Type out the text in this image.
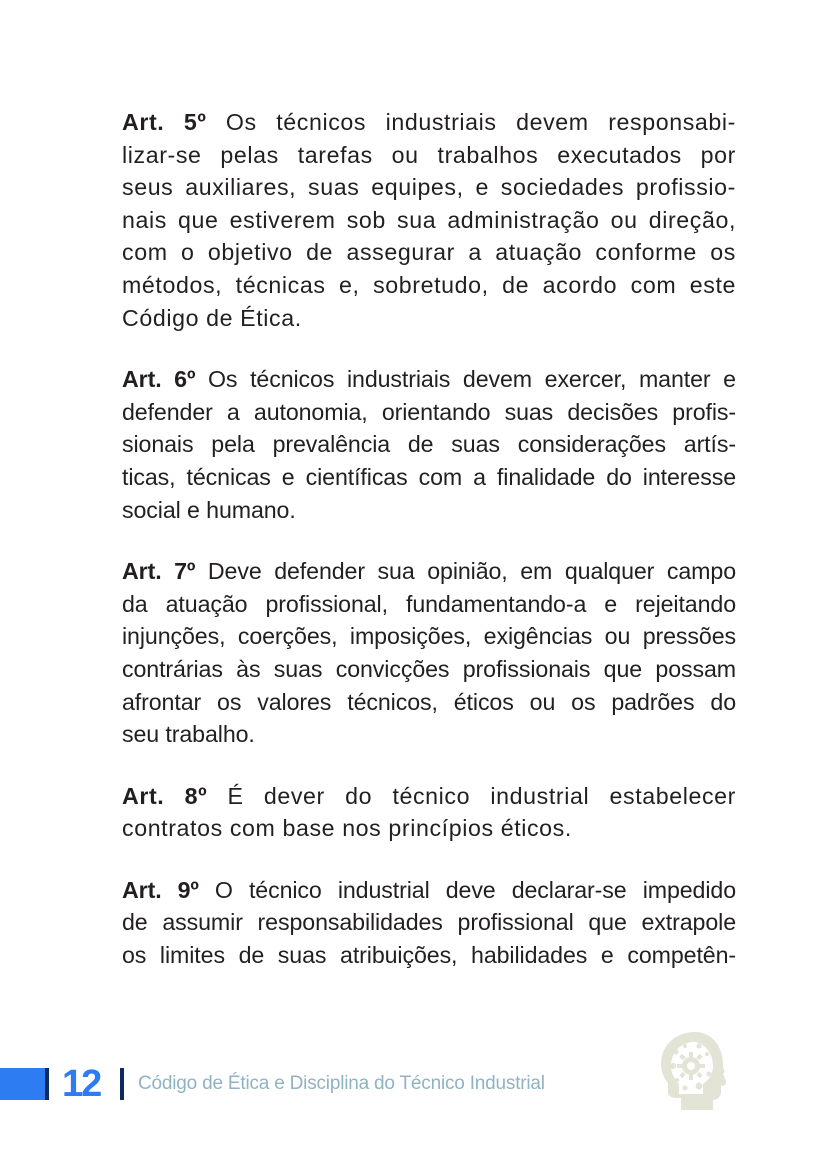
Art. 5º Os técnicos industriais devem responsabi-
lizar-se pelas tarefas ou trabalhos executados por
seus auxiliares, suas equipes, e sociedades profissio-
nais que estiverem sob sua administração ou direção,
com o objetivo de assegurar a atuação conforme os
métodos, técnicas e, sobretudo, de acordo com este
Código de Ética.

Art. 6º Os técnicos industriais devem exercer, manter e
defender a autonomia, orientando suas decisões profis-
sionais pela prevalência de suas considerações artís-
ticas, técnicas e científicas com a finalidade do interesse
social e humano.

Art. 7º Deve defender sua opinião, em qualquer campo
da atuação profissional, fundamentando-a e rejeitando
injunções, coerções, imposições, exigências ou pressões
contrárias às suas convicções profissionais que possam
afrontar os valores técnicos, éticos ou os padrões do
seu trabalho.

Art. 8º É dever do técnico industrial estabelecer
contratos com base nos princípios éticos.

Art. 9º O técnico industrial deve declarar-se impedido
de assumir responsabilidades profissional que extrapole
os limites de suas atribuições, habilidades e competên-

12 Código de Ética e Disciplina do Técnico Industrial
